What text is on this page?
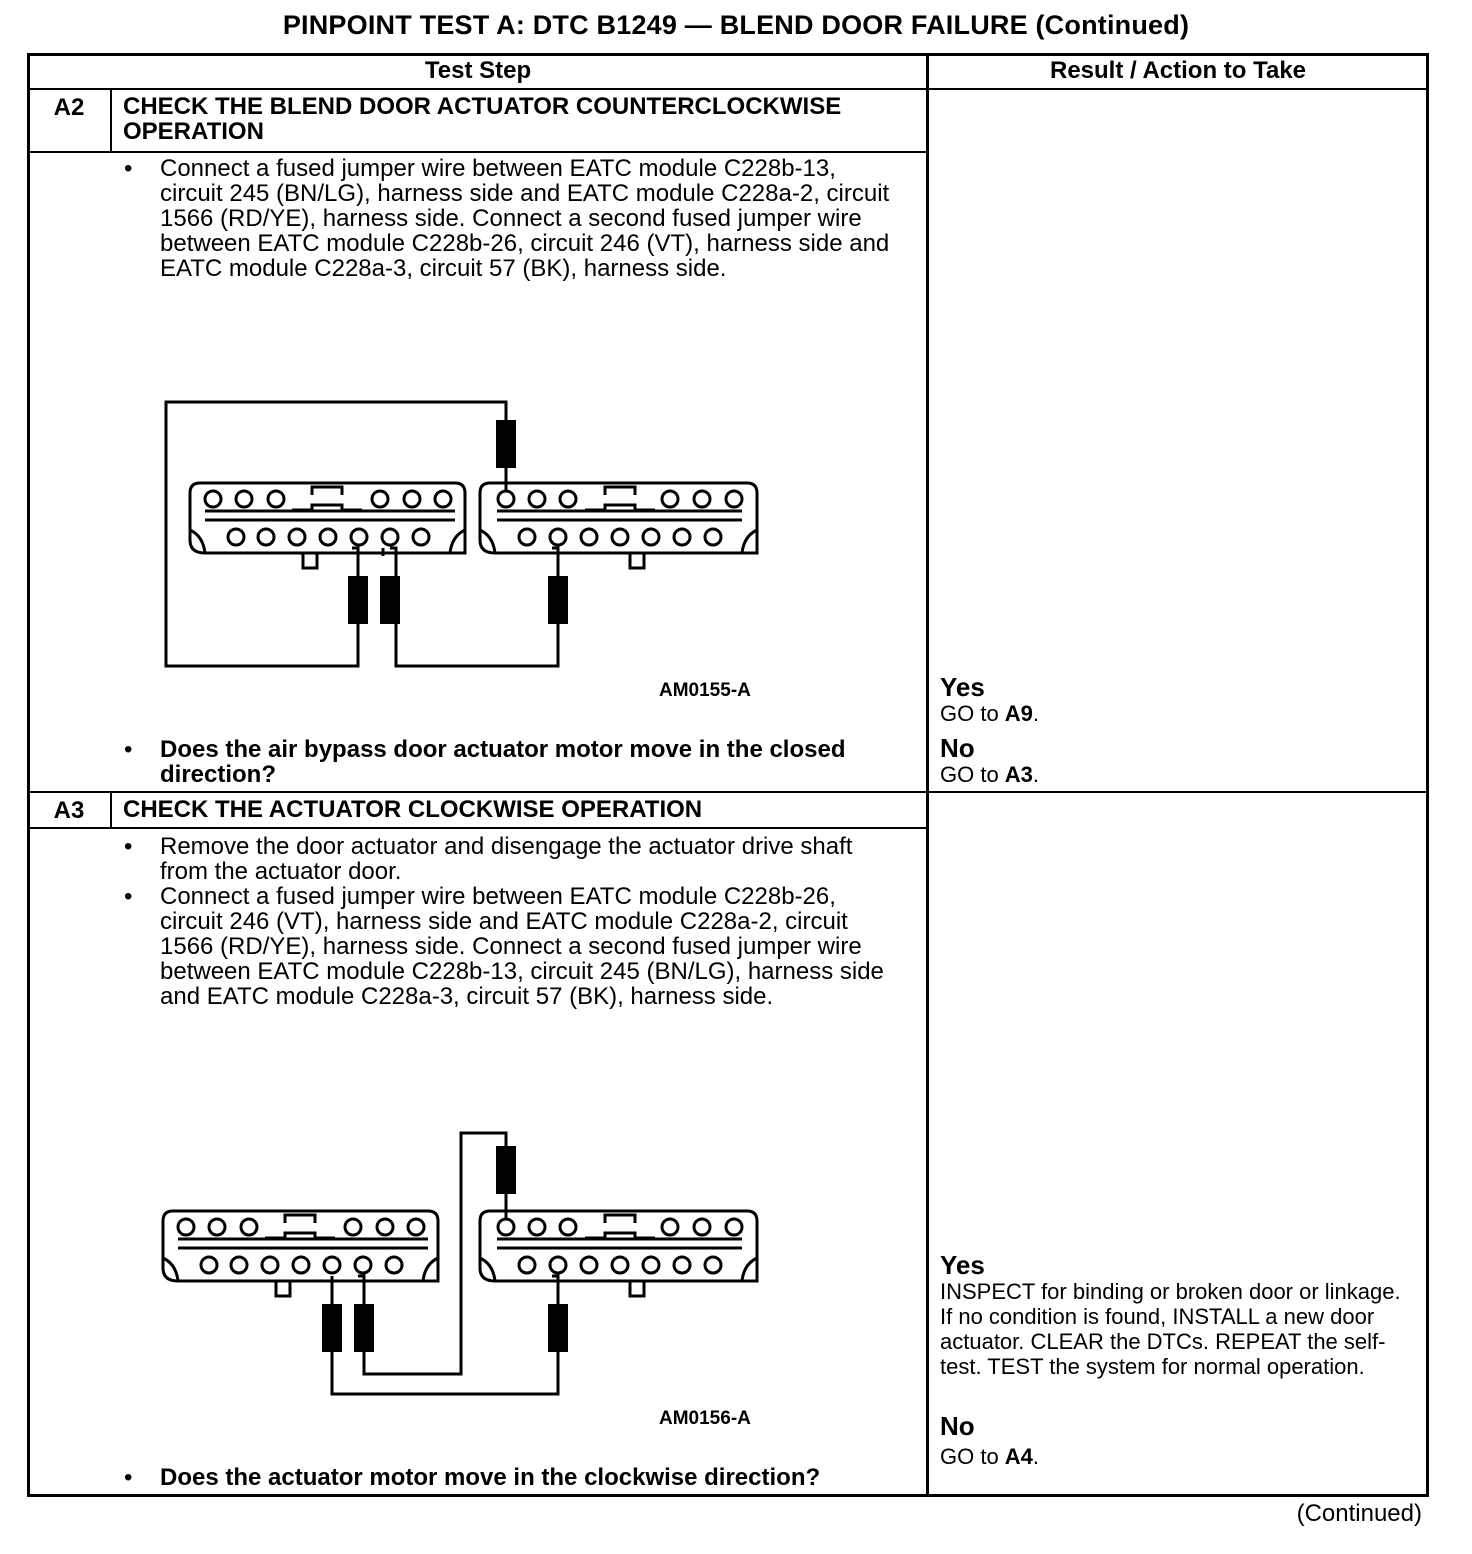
PINPOINT TEST A: DTC B1249 — BLEND DOOR FAILURE (Continued)
Test Step	Result / Action to Take
A2	CHECK THE BLEND DOOR ACTUATOR COUNTERCLOCKWISE OPERATION
• Connect a fused jumper wire between EATC module C228b-13, circuit 245 (BN/LG), harness side and EATC module C228a-2, circuit 1566 (RD/YE), harness side. Connect a second fused jumper wire between EATC module C228b-26, circuit 246 (VT), harness side and EATC module C228a-3, circuit 57 (BK), harness side.
AM0155-A
• Does the air bypass door actuator motor move in the closed direction?
Yes
GO to A9.
No
GO to A3.
A3	CHECK THE ACTUATOR CLOCKWISE OPERATION
• Remove the door actuator and disengage the actuator drive shaft from the actuator door.
• Connect a fused jumper wire between EATC module C228b-26, circuit 246 (VT), harness side and EATC module C228a-2, circuit 1566 (RD/YE), harness side. Connect a second fused jumper wire between EATC module C228b-13, circuit 245 (BN/LG), harness side and EATC module C228a-3, circuit 57 (BK), harness side.
AM0156-A
• Does the actuator motor move in the clockwise direction?
Yes
INSPECT for binding or broken door or linkage. If no condition is found, INSTALL a new door actuator. CLEAR the DTCs. REPEAT the self-test. TEST the system for normal operation.
No
GO to A4.
(Continued)
